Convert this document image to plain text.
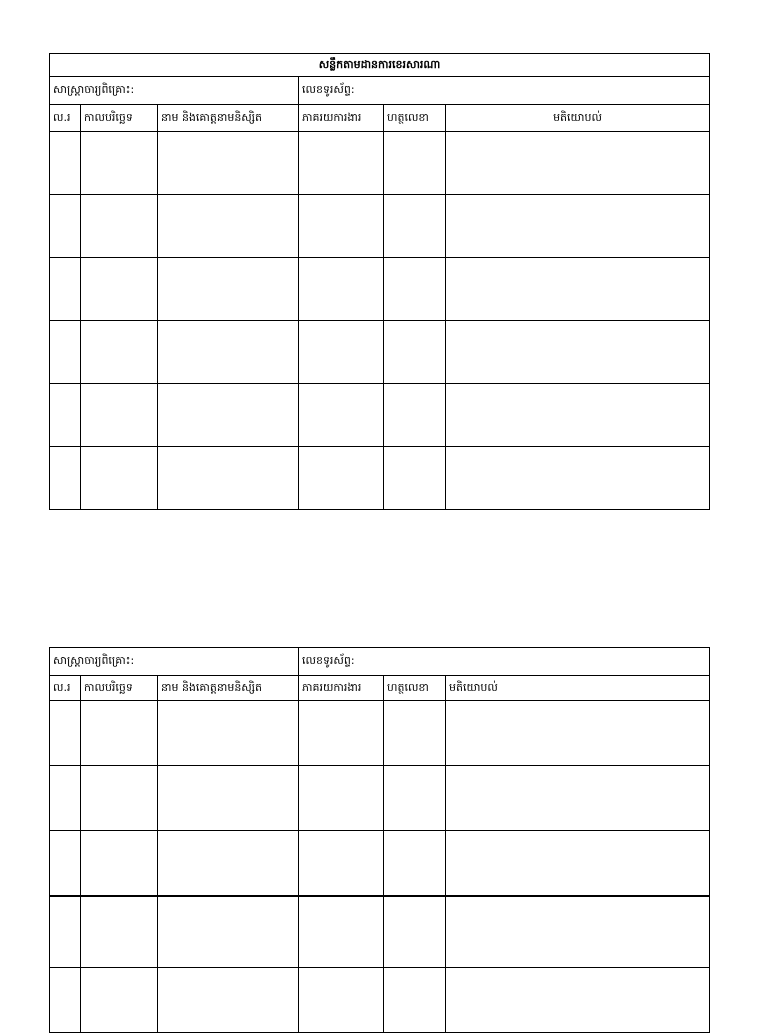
សន្លឹកតាមដានការខេរសារណា					
សាស្ត្រាចារ្យពិគ្រោះ:			លេខទូរស័ព្ទ:		
ល.រ	កាលបរិច្ឆេទ	នាម និងគោត្តនាមនិស្សិត	ភាគរយការងារ	ហត្ថលេខា	មតិយោបល់

សាស្ត្រាចារ្យពិគ្រោះ:			លេខទូរស័ព្ទ:		
ល.រ	កាលបរិច្ឆេទ	នាម និងគោត្តនាមនិស្សិត	ភាគរយការងារ	ហត្ថលេខា	មតិយោបល់
